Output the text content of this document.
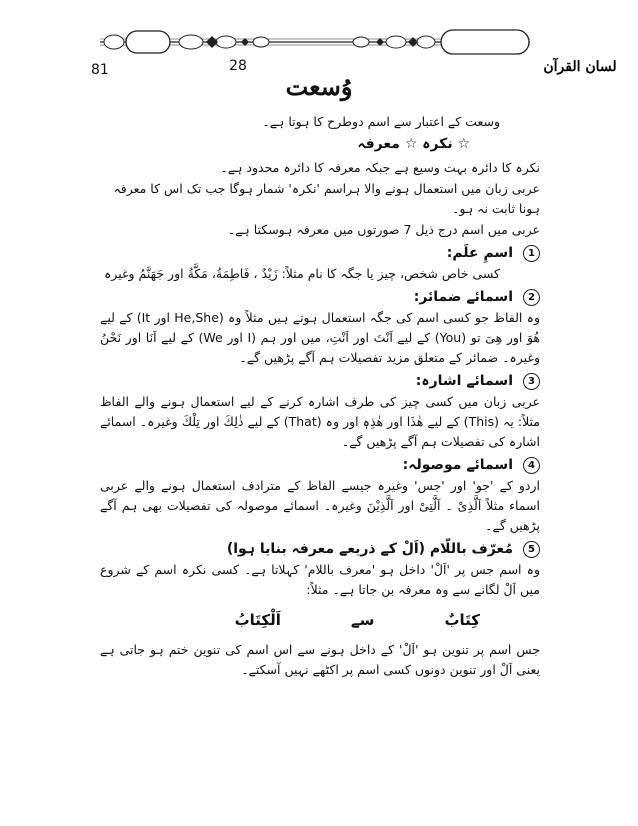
28	لسان القرآن
81
وُسعت

وسعت کے اعتبار سے اسم دوطرح کا ہوتا ہے۔

☆ نکرہ ☆ معرفہ

نکرہ کا دائرہ بہت وسیع ہے جبکہ معرفہ کا دائرہ محدود ہے۔

عربی زبان میں استعمال ہونے والا ہراسم 'نکرہ' شمار ہوگا جب تک اس کا معرفہ ہونا ثابت نہ ہو۔

عربی میں اسم درج ذیل 7 صورتوں میں معرفہ ہوسکتا ہے۔

1اسمِ علَم:

کسی خاص شخص، چیز یا جگہ کا نام مثلاً: زَیْدٌ ، فَاطِمَةُ، مَکَّةُ اور جَھَنَّمُ وغیرہ

2اسمائے ضمائر:

وہ الفاظ جو کسی اسم کی جگہ استعمال ہوتے ہیں مثلاً وہ (He,She اور It) کے لیے ھُوَ اور ھِیَ تو (You) کے لیے اَنْتَ اور اَنْتِ، میں اور ہم (I اور We) کے لیے اَنَا اور نَحْنُ وغیرہ۔ ضمائر کے متعلق مزید تفصیلات ہم آگے پڑھیں گے۔

3اسمائے اشارہ:

عربی زبان میں کسی چیز کی طرف اشارہ کرنے کے لیے استعمال ہونے والے الفاظ مثلاً: یہ (This) کے لیے ھٰذَا اور ھٰذِہٖ اور وہ (That) کے لیے ذٰلِكَ اور تِلْكَ وغیرہ۔ اسمائے اشارہ کی تفصیلات ہم آگے پڑھیں گے۔

4اسمائے موصولہ:

اردو کے 'جو' اور 'جس' وغیرہ جیسے الفاظ کے مترادف استعمال ہونے والے عربی اسماء مثلاً اَلَّذِیْ ۔ اَلَّتِیْ اور اَلَّذِیْنَ وغیرہ۔ اسمائے موصولہ کی تفصیلات بھی ہم آگے پڑھیں گے۔

5مُعرّف باللّام (اَلْ کے ذریعے معرفہ بنایا ہوا)

وہ اسم جس پر 'اَلْ' داخل ہو 'معرف باللام' کہلاتا ہے۔ کسی نکرہ اسم کے شروع میں اَلْ لگانے سے وہ معرفہ بن جاتا ہے۔ مثلاً:

کِتَابٌ
سے
اَلْکِتَابُ

جس اسم پر تنوین ہو 'اَلْ' کے داخل ہونے سے اس اسم کی تنوین ختم ہو جاتی ہے یعنی اَلْ اور تنوین دونوں کسی اسم پر اکٹھے نہیں آسکتے۔
